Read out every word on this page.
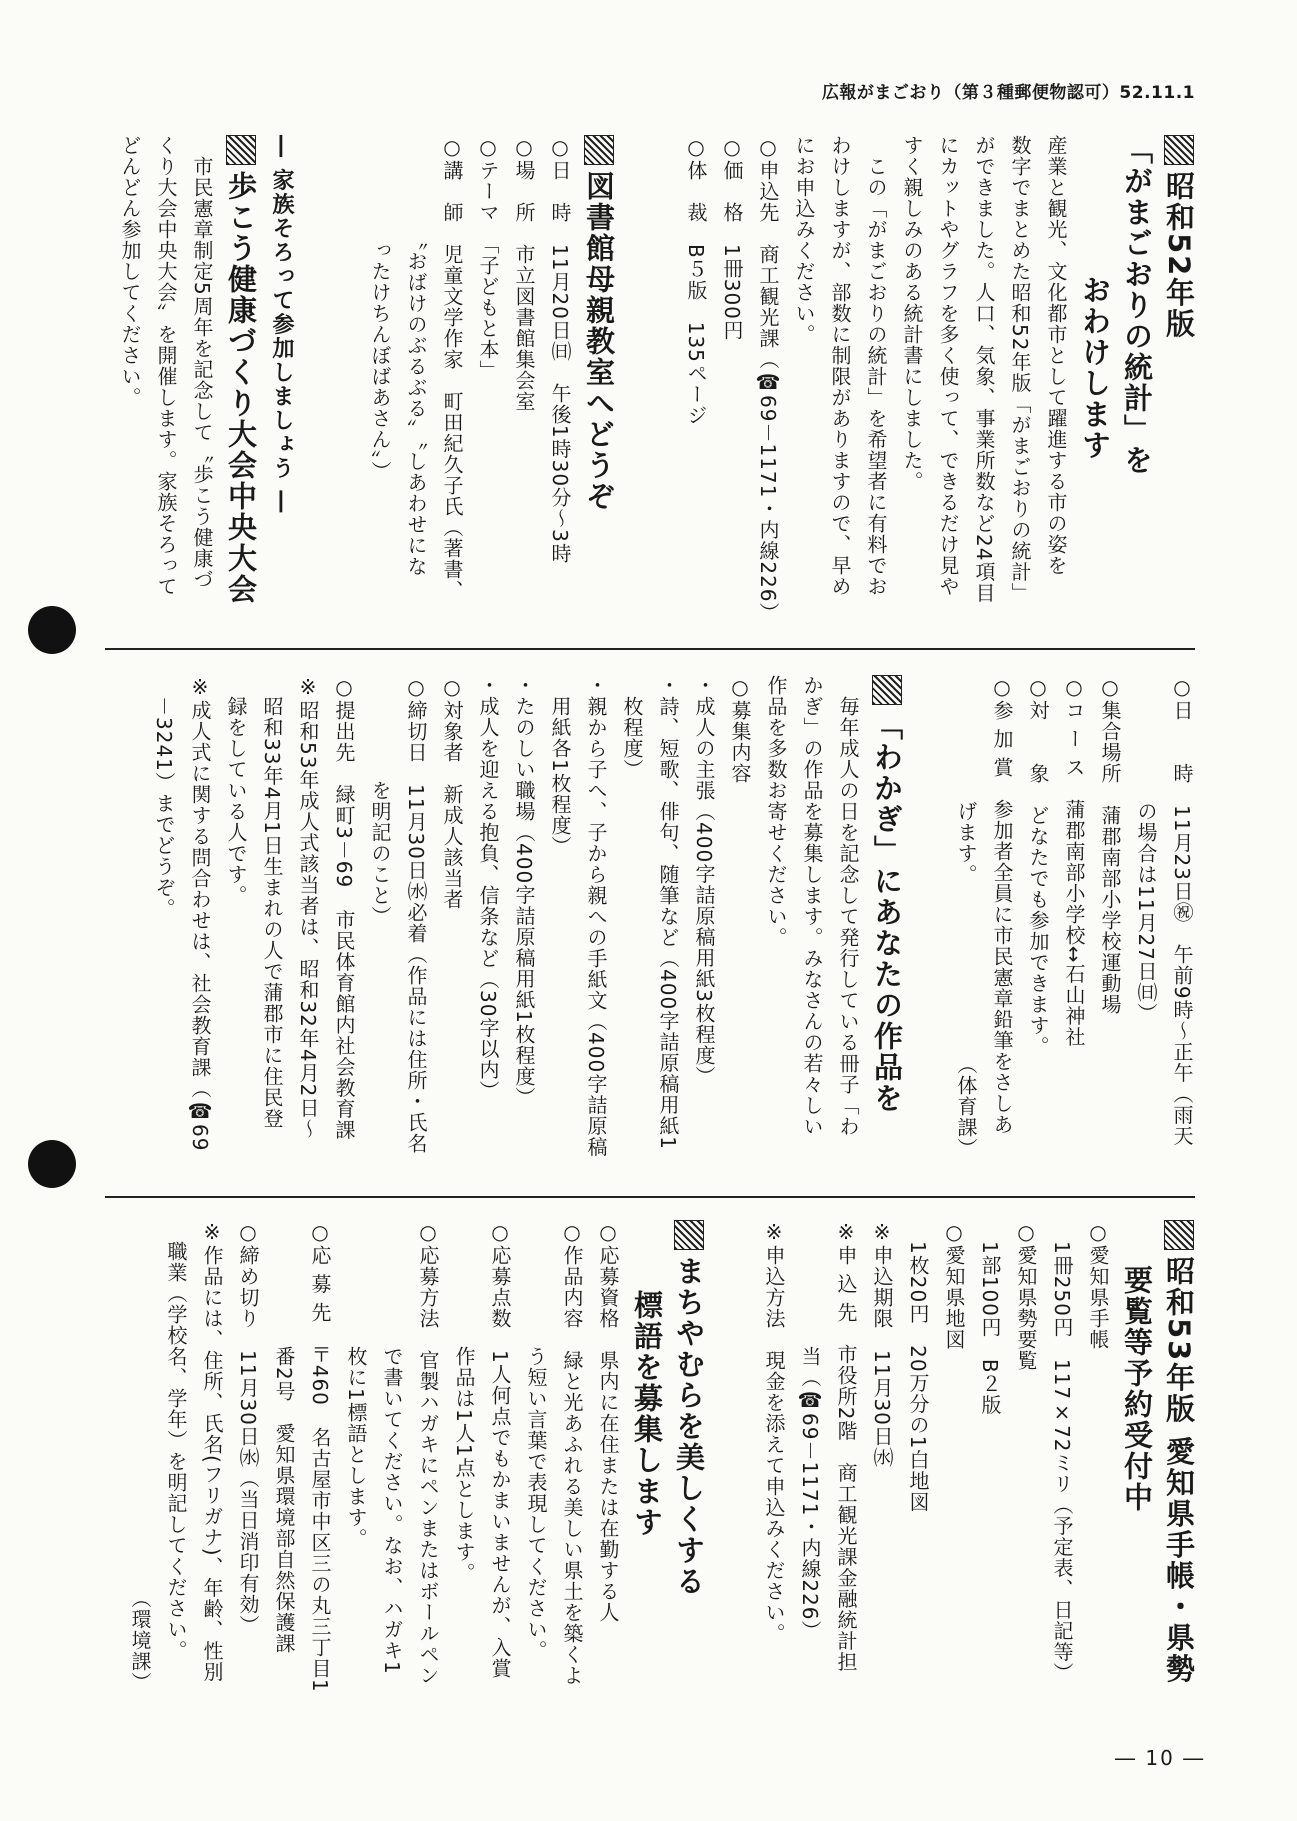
広報がまごおり（第３種郵便物認可）52.11.1
昭和52年版
「がまごおりの統計」を
おわけします
産業と観光、文化都市として躍進する市の姿を
数字でまとめた昭和52年版「がまごおりの統計」
ができました。人口、気象、事業所数など24項目
にカットやグラフを多く使って、できるだけ見や
すく親しみのある統計書にしました。
　この「がまごおりの統計」を希望者に有料でお
わけしますが、部数に制限がありますので、早め
にお申込みください。
○申込先　商工観光課（☎69－1171・内線226）
○価　格　1冊300円
○体　裁　B５版　135ページ
図書館母親教室へどうぞ
○日　時　11月20日㈰　午後1時30分～3時
○場　所　市立図書館集会室
○テーマ　「子どもと本」
○講　師　児童文学作家　町田紀久子氏（著書、
　　　　　〝おばけのぶるぶる〟〝しあわせにな
　　　　　ったけちんぼばあさん〟）
― 家族そろって参加しましょう ―
歩こう健康づくり大会中央大会
　市民憲章制定5周年を記念して〝歩こう健康づ
くり大会中央大会〟を開催します。家族そろって
どんどん参加してください。
○日　　時　11月23日㊗　午前9時～正午（雨天
　　　　　　の場合は11月27日㈰）
○集合場所　蒲郡南部小学校運動場
○コ ー ス　蒲郡南部小学校↔石山神社
○対　　象　どなたでも参加できます。
○参 加 賞　参加者全員に市民憲章鉛筆をさしあ
　　　　　　げます。　　　　　　　　　（体育課）
「わかぎ」にあなたの作品を
　毎年成人の日を記念して発行している冊子「わ
かぎ」の作品を募集します。みなさんの若々しい
作品を多数お寄せください。
○募集内容
・成人の主張（400字詰原稿用紙3枚程度）
・詩、短歌、俳句、随筆など（400字詰原稿用紙1
　枚程度）
・親から子へ、子から親への手紙文（400字詰原稿
　用紙各1枚程度）
・たのしい職場（400字詰原稿用紙1枚程度）
・成人を迎える抱負、信条など（30字以内）
○対象者　新成人該当者
○締切日　11月30日㈬必着（作品には住所・氏名
　　　　　を明記のこと）
○提出先　緑町3－69　市民体育館内社会教育課
※昭和53年成人式該当者は、昭和32年4月2日～
　昭和33年4月1日生まれの人で蒲郡市に住民登
　録をしている人です。
※成人式に関する問合わせは、社会教育課（☎69
　－3241）までどうぞ。
昭和53年版 愛知県手帳・県勢
要覧等予約受付中
○愛知県手帳
　1冊250円　117×72ミリ（予定表、日記等）
○愛知県勢要覧
　1部100円　B２版
○愛知県地図
　1枚20円　20万分の1白地図
※申込期限　11月30日㈬
※申 込 先　市役所2階　商工観光課金融統計担
　　　　　　当（☎69－1171・内線226）
※申込方法　現金を添えて申込みください。
まちやむらを美しくする
標語を募集します
○応募資格　県内に在住または在勤する人
○作品内容　緑と光あふれる美しい県土を築くよ
　　　　　　う短い言葉で表現してください。
○応募点数　1人何点でもかまいませんが、入賞
　　　　　　作品は1人1点とします。
○応募方法　官製ハガキにペンまたはボールペン
　　　　　　で書いてください。なお、ハガキ1
　　　　　　枚に1標語とします。
○応 募 先　〒460　名古屋市中区三の丸三丁目1
　　　　　　番2号　愛知県環境部自然保護課
○締め切り　11月30日㈬（当日消印有効）
※作品には、住所、氏名(フリガナ)、年齢、性別
　職業（学校名、学年）を明記してください。
　　　　　　　　　　　　　　　　　　（環境課）
― 10 ―
